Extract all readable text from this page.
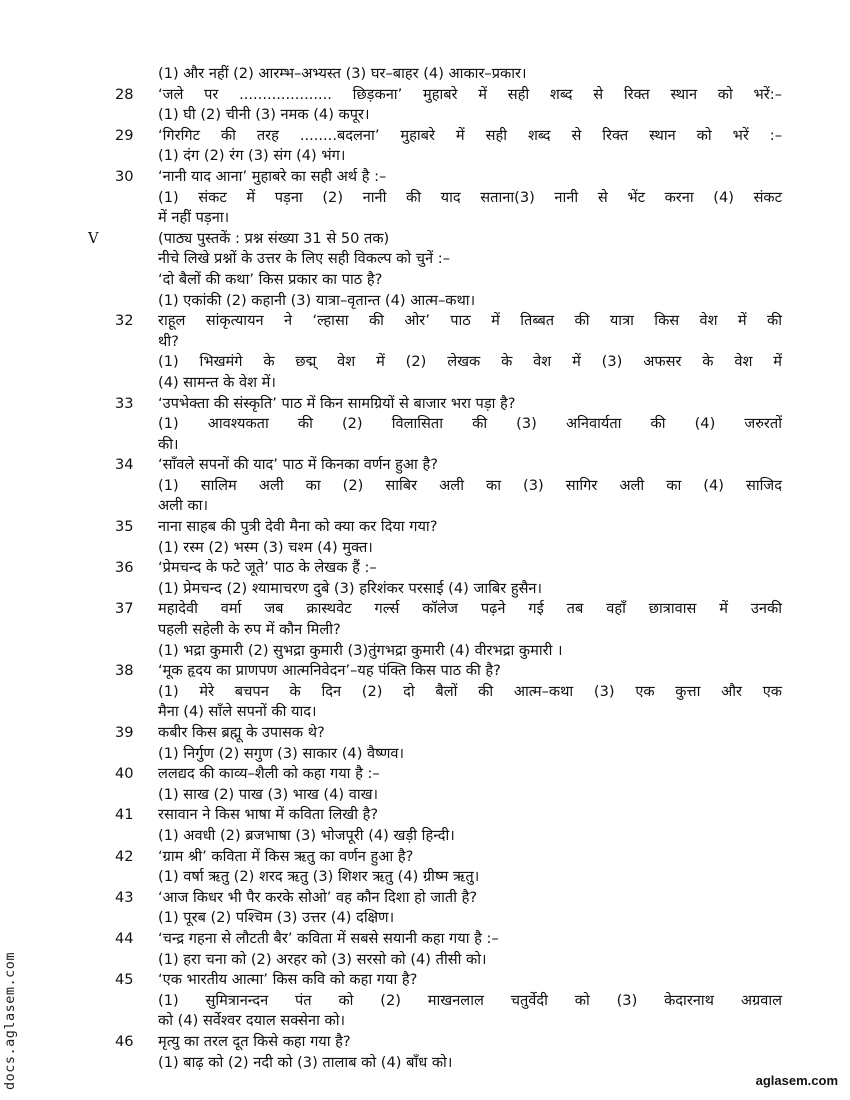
(1) और नहीं (2) आरम्भ–अभ्यस्त (3) घर–बाहर (4) आकार–प्रकार।
28	‘जले पर .................... छिड़कना’ मुहाबरे में सही शब्द से रिक्त स्थान को भरें:–
(1) घी (2) चीनी (3) नमक (4) कपूर।
29	‘गिरगिट की तरह ........बदलना’ मुहाबरे में सही शब्द से रिक्त स्थान को भरें :–
(1) दंग (2) रंग (3) संग (4) भंग।
30	‘नानी याद आना’ मुहाबरे का सही अर्थ है :–
(1) संकट में पड़ना (2) नानी की याद सताना(3) नानी से भेंट करना (4) संकट
में नहीं पड़ना।
V	(पाठ्य पुस्तकें : प्रश्न संख्या 31 से 50 तक)
नीचे लिखे प्रश्नों के उत्तर के लिए सही विकल्प को चुनें :–
‘दो बैलों की कथा’ किस प्रकार का पाठ है?
(1) एकांकी (2) कहानी (3) यात्रा–वृतान्त (4) आत्म–कथा।
32	राहूल सांकृत्यायन ने ‘ल्हासा की ओर’ पाठ में तिब्बत की यात्रा किस वेश में की
थी?
(1) भिखमंगे के छद्म्‌ वेश में (2) लेखक के वेश में (3) अफसर के वेश में
(4) सामन्त के वेश में।
33	‘उपभेक्ता की संस्कृति’ पाठ में किन सामग्रियों से बाजार भरा पड़ा है?
(1) आवश्यकता की (2) विलासिता की (3) अनिवार्यता की (4) जरुरतों
की।
34	‘साँवले सपनों की याद’ पाठ में किनका वर्णन हुआ है?
(1) सालिम अली का (2) साबिर अली का (3) सागिर अली का (4) साजिद
अली का।
35	नाना साहब की पुत्री देवी मैना को क्या कर दिया गया?
(1) रस्म (2) भस्म (3) चश्म (4) मुक्त।
36	‘प्रेमचन्द के फटे जूते’ पाठ के लेखक हैं :–
(1) प्रेमचन्द (2) श्यामाचरण दुबे (3) हरिशंकर परसाई (4) जाबिर हुसैन।
37	महादेवी वर्मा जब क्रास्थवेट गर्ल्स कॉलेज पढ़ने गई तब वहाँ छात्रावास में उनकी
पहली सहेली के रुप में कौन मिली?
(1) भद्रा कुमारी (2) सुभद्रा कुमारी (3)तुंगभद्रा कुमारी (4) वीरभद्रा कुमारी ।
38	‘मूक हृदय का प्राणपण आत्मनिवेदन’–यह पंक्ति किस पाठ की है?
(1) मेरे बचपन के दिन (2) दो बैलों की आत्म–कथा (3) एक कुत्ता और एक
मैना (4) साँले सपनों की याद।
39	कबीर किस ब्रह्मू के उपासक थे?
(1) निर्गुण (2) सगुण (3) साकार (4) वैष्णव।
40	ललद्यद की काव्य–शैली को कहा गया है :–
(1) साख (2) पाख (3) भाख (4) वाख।
41	रसावान ने किस भाषा में कविता लिखी है?
(1) अवधी (2) ब्रजभाषा (3) भोजपूरी (4) खड़ी हिन्दी।
42	‘ग्राम श्री’ कविता में किस ऋतु का वर्णन हुआ है?
(1) वर्षा ऋतु (2) शरद ऋतु (3) शिशर ऋतु (4) ग्रीष्म ऋतु।
43	‘आज किधर भी पैर करके सोओ’ वह कौन दिशा हो जाती है?
(1) पूरब (2) पश्चिम (3) उत्तर (4) दक्षिण।
44	‘चन्द्र गहना से लौटती बैर’ कविता में सबसे सयानी कहा गया है :–
(1) हरा चना को (2) अरहर को (3) सरसो को (4) तीसी को।
45	‘एक भारतीय आत्मा’ किस कवि को कहा गया है?
(1) सुमित्रानन्दन पंत को (2) माखनलाल चतुर्वेदी को (3) केदारनाथ अग्रवाल
को (4) सर्वेश्वर दयाल सक्सेना को।
46	मृत्यु का तरल दूत किसे कहा गया है?
(1) बाढ़ को (2) नदी को (3) तालाब को (4) बाँध को।
docs.aglasem.com	aglasem.com
